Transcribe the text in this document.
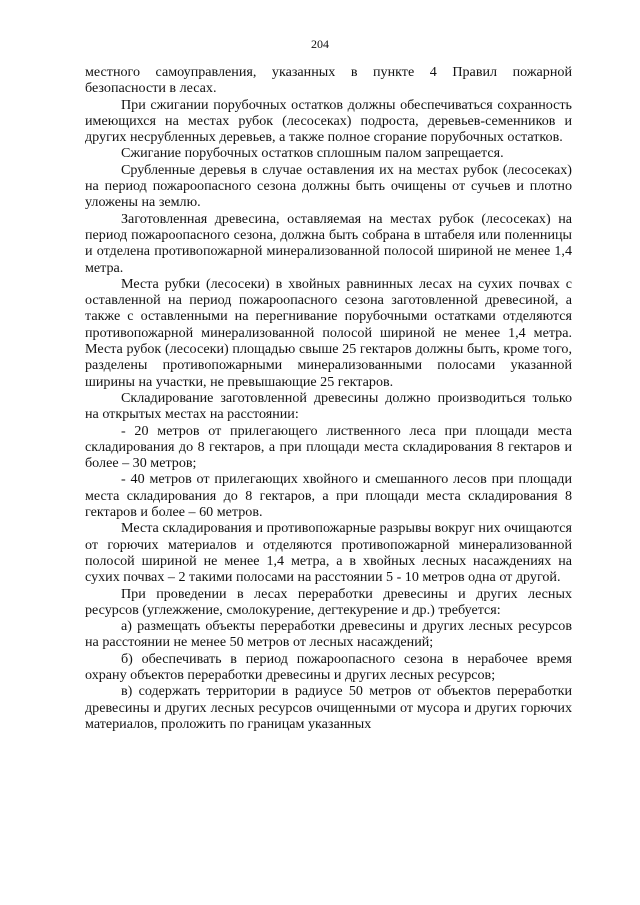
204

местного самоуправления, указанных в пункте 4 Правил пожарной безопасности в лесах.

При сжигании порубочных остатков должны обеспечиваться сохранность имеющихся на местах рубок (лесосеках) подроста, деревьев-семенников и других несрубленных деревьев, а также полное сгорание порубочных остатков.

Сжигание порубочных остатков сплошным палом запрещается.

Срубленные деревья в случае оставления их на местах рубок (лесосеках) на период пожароопасного сезона должны быть очищены от сучьев и плотно уложены на землю.

Заготовленная древесина, оставляемая на местах рубок (лесосеках) на период пожароопасного сезона, должна быть собрана в штабеля или поленницы и отделена противопожарной минерализованной полосой шириной не менее 1,4 метра.

Места рубки (лесосеки) в хвойных равнинных лесах на сухих почвах с оставленной на период пожароопасного сезона заготовленной древесиной, а также с оставленными на перегнивание порубочными остатками отделяются противопожарной минерализованной полосой шириной не менее 1,4 метра. Места рубок (лесосеки) площадью свыше 25 гектаров должны быть, кроме того, разделены противопожарными минерализованными полосами указанной ширины на участки, не превышающие 25 гектаров.

Складирование заготовленной древесины должно производиться только на открытых местах на расстоянии:

- 20 метров от прилегающего лиственного леса при площади места складирования до 8 гектаров, а при площади места складирования 8 гектаров и более – 30 метров;

- 40 метров от прилегающих хвойного и смешанного лесов при площади места складирования до 8 гектаров, а при площади места складирования 8 гектаров и более – 60 метров.

Места складирования и противопожарные разрывы вокруг них очищаются от горючих материалов и отделяются противопожарной минерализованной полосой шириной не менее 1,4 метра, а в хвойных лесных насаждениях на сухих почвах – 2 такими полосами на расстоянии 5 - 10 метров одна от другой.

При проведении в лесах переработки древесины и других лесных ресурсов (углежжение, смолокурение, дегтекурение и др.) требуется:

а) размещать объекты переработки древесины и других лесных ресурсов на расстоянии не менее 50 метров от лесных насаждений;

б) обеспечивать в период пожароопасного сезона в нерабочее время охрану объектов переработки древесины и других лесных ресурсов;

в) содержать территории в радиусе 50 метров от объектов переработки древесины и других лесных ресурсов очищенными от мусора и других горючих материалов, проложить по границам указанных
